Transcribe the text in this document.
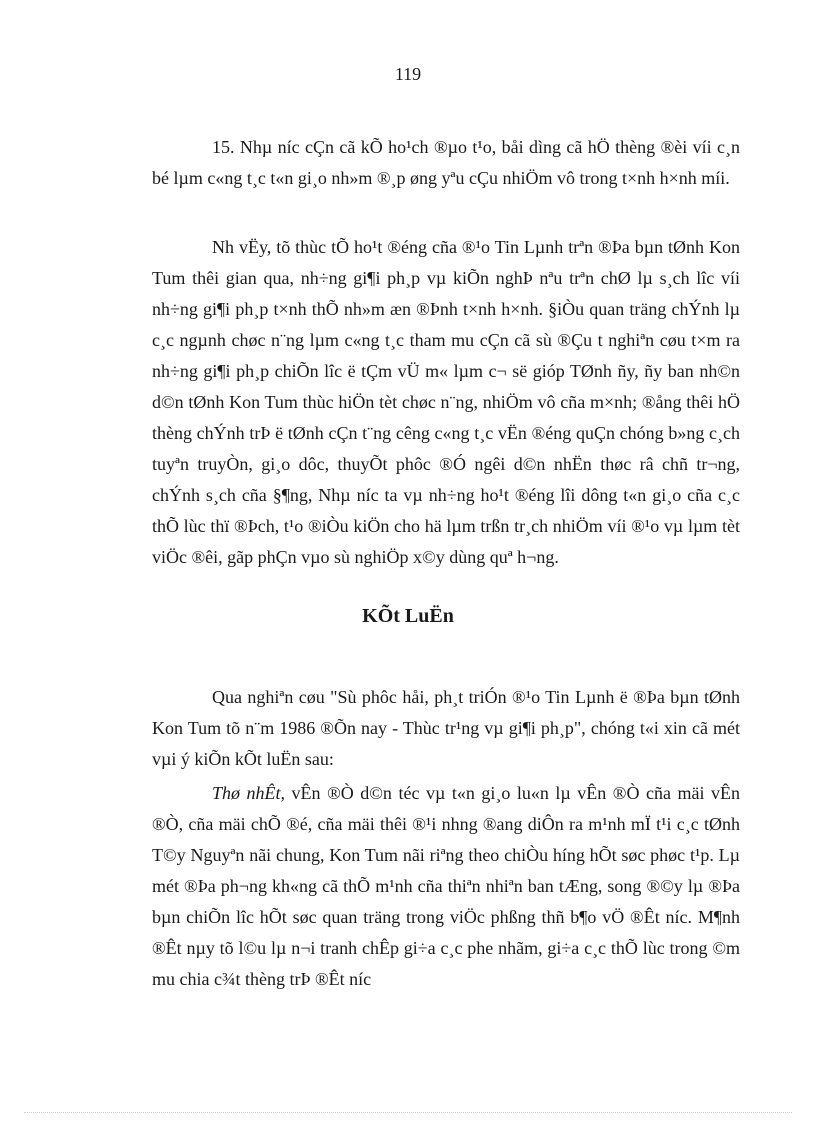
119

15. Nhµ níc cÇn cã kÕ ho¹ch ®µo t¹o, båi dìng cã hÖ thèng ®èi víi c¸n bé lµm c«ng t¸c t«n gi¸o nh»m ®¸p øng yªu cÇu nhiÖm vô trong t×nh h×nh míi.

Nh vËy, tõ thùc tÕ ho¹t ®éng cña ®¹o Tin Lµnh trªn ®Þa bµn tØnh Kon Tum thêi gian qua, nh÷ng gi¶i ph¸p vµ kiÕn nghÞ nªu trªn chØ lµ s¸ch lîc víi nh÷ng gi¶i ph¸p t×nh thÕ nh»m æn ®Þnh t×nh h×nh. §iÒu quan träng chÝnh lµ c¸c ngµnh chøc n¨ng lµm c«ng t¸c tham mu cÇn cã sù ®Çu t nghiªn cøu t×m ra nh÷ng gi¶i ph¸p chiÕn lîc ë tÇm vÜ m« lµm c¬ së gióp TØnh ñy, ñy ban nh©n d©n tØnh Kon Tum thùc hiÖn tèt chøc n¨ng, nhiÖm vô cña m×nh; ®ång thêi hÖ thèng chÝnh trÞ ë tØnh cÇn t¨ng cêng c«ng t¸c vËn ®éng quÇn chóng b»ng c¸ch tuyªn truyÒn, gi¸o dôc, thuyÕt phôc ®Ó ngêi d©n nhËn thøc râ chñ tr¬ng, chÝnh s¸ch cña §¶ng, Nhµ níc ta vµ nh÷ng ho¹t ®éng lîi dông t«n gi¸o cña c¸c thÕ lùc thï ®Þch, t¹o ®iÒu kiÖn cho hä lµm trßn tr¸ch nhiÖm víi ®¹o vµ lµm tèt viÖc ®êi, gãp phÇn vµo sù nghiÖp x©y dùng quª h¬ng.

KÕt LuËn

Qua nghiªn cøu "Sù phôc håi, ph¸t triÓn ®¹o Tin Lµnh ë ®Þa bµn tØnh Kon Tum tõ n¨m 1986 ®Õn nay - Thùc tr¹ng vµ gi¶i ph¸p", chóng t«i xin cã mét vµi ý kiÕn kÕt luËn sau:

Thø nhÊt, vÊn ®Ò d©n téc vµ t«n gi¸o lu«n lµ vÊn ®Ò cña mäi vÊn ®Ò, cña mäi chÕ ®é, cña mäi thêi ®¹i nhng ®ang diÔn ra m¹nh mÏ t¹i c¸c tØnh T©y Nguyªn nãi chung, Kon Tum nãi riªng theo chiÒu híng hÕt søc phøc t¹p. Lµ mét ®Þa ph¬ng kh«ng cã thÕ m¹nh cña thiªn nhiªn ban tÆng, song ®©y lµ ®Þa bµn chiÕn lîc hÕt søc quan träng trong viÖc phßng thñ b¶o vÖ ®Êt níc. M¶nh ®Êt nµy tõ l©u lµ n¬i tranh chÊp gi÷a c¸c phe nhãm, gi÷a c¸c thÕ lùc trong ©m mu chia c¾t thèng trÞ ®Êt níc
